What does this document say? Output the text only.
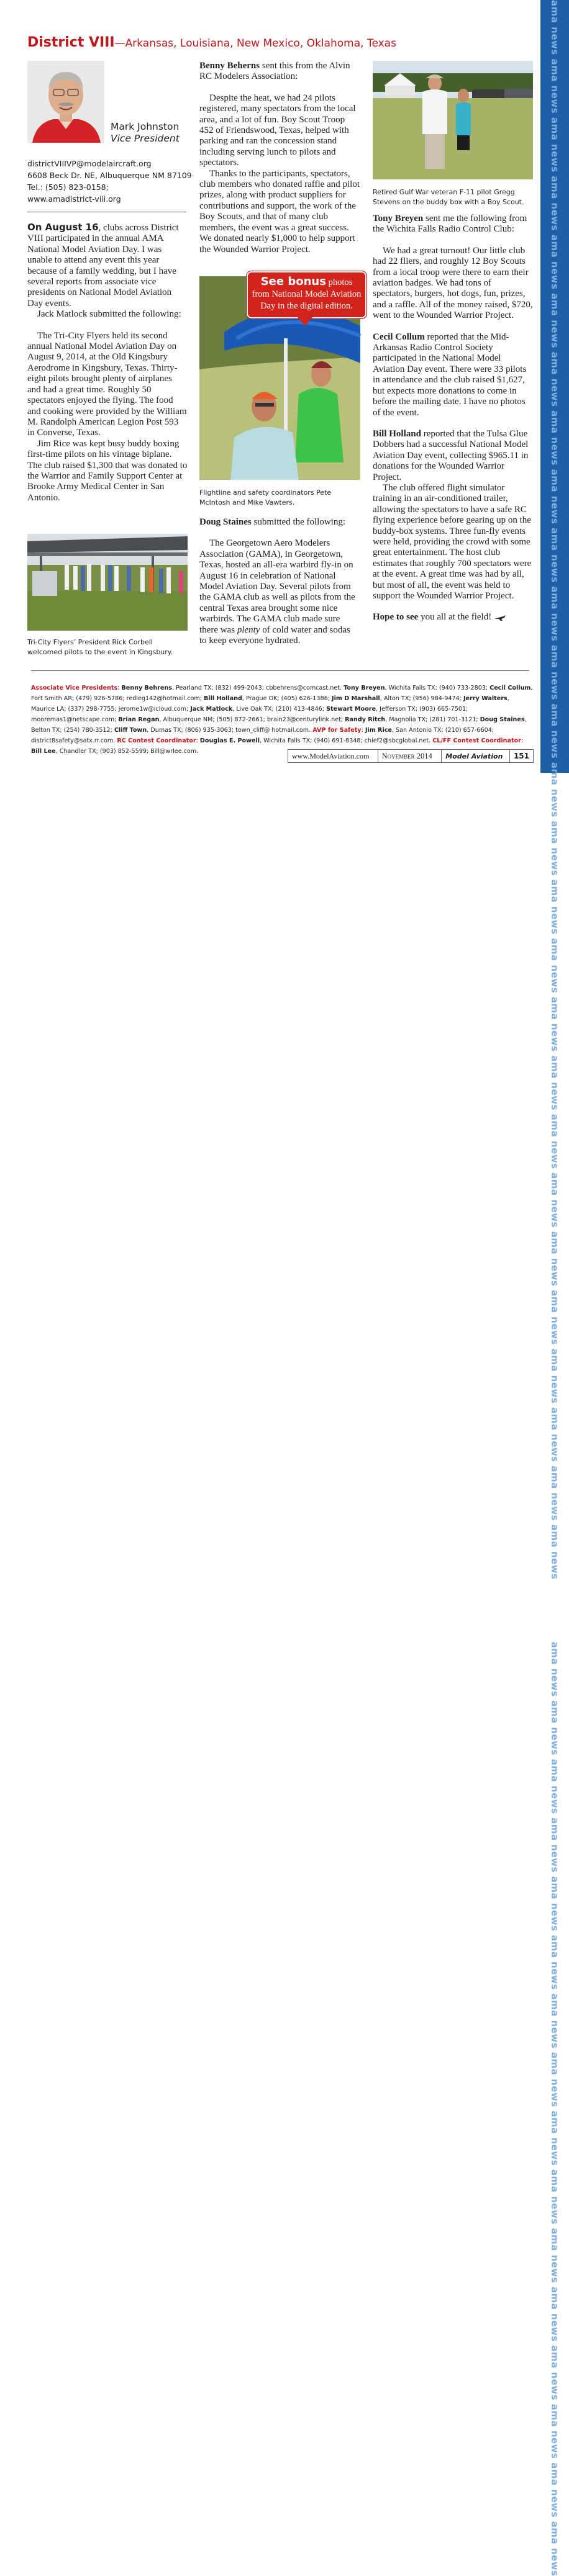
ama news ama news ama news ama news ama news ama news ama news ama news ama news ama news ama news ama news ama news ama news ama news ama news ama news ama news ama news ama news ama news ama news ama news ama news ama news ama news ama news

ama news

ama news ama news ama news ama news ama news ama news ama news ama news ama news ama news ama news ama news ama news ama news ama news ama news
District VIII—Arkansas, Louisiana, New Mexico, Oklahoma, Texas
Mark Johnston
Vice President
districtVIIIVP@modelaircraft.org
6608 Beck Dr. NE, Albuquerque NM 87109
Tel.: (505) 823-0158;
www.amadistrict-viii.org

On August 16, clubs across District VIII participated in the annual AMA National Model Aviation Day. I was unable to attend any event this year because of a family wedding, but I have several reports from associate vice presidents on National Model Aviation Day events.

Jack Matlock submitted the following:

The Tri-City Flyers held its second annual National Model Aviation Day on August 9, 2014, at the Old Kingsbury Aerodrome in Kingsbury, Texas. Thirty-eight pilots brought plenty of airplanes and had a great time. Roughly 50 spectators enjoyed the flying. The food and cooking were provided by the William M. Randolph American Legion Post 593 in Converse, Texas.

Jim Rice was kept busy buddy boxing first-time pilots on his vintage biplane. The club raised $1,300 that was donated to the Warrior and Family Support Center at Brooke Army Medical Center in San Antonio.

Tri-City Flyers’ President Rick Corbell welcomed pilots to the event in Kingsbury.

Benny Beherns sent this from the Alvin RC Modelers Association:

Despite the heat, we had 24 pilots registered, many spectators from the local area, and a lot of fun. Boy Scout Troop 452 of Friendswood, Texas, helped with parking and ran the concession stand including serving lunch to pilots and spectators.

Thanks to the participants, spectators, club members who donated raffle and pilot prizes, along with product suppliers for contributions and support, the work of the Boy Scouts, and that of many club members, the event was a great success. We donated nearly $1,000 to help support the Wounded Warrior Project.

See bonus photos from National Model Aviation Day in the digital edition.
Flightline and safety coordinators Pete McIntosh and Mike Vawters.

Doug Staines submitted the following:

The Georgetown Aero Modelers Association (GAMA), in Georgetown, Texas, hosted an all-era warbird fly-in on August 16 in celebration of National Model Aviation Day. Several pilots from the GAMA club as well as pilots from the central Texas area brought some nice warbirds. The GAMA club made sure there was plenty of cold water and sodas to keep everyone hydrated.

Retired Gulf War veteran F-11 pilot Gregg Stevens on the buddy box with a Boy Scout.

Tony Breyen sent me the following from the Wichita Falls Radio Control Club:

We had a great turnout! Our little club had 22 fliers, and roughly 12 Boy Scouts from a local troop were there to earn their aviation badges. We had tons of spectators, burgers, hot dogs, fun, prizes, and a raffle. All of the money raised, $720, went to the Wounded Warrior Project.

Cecil Collum reported that the Mid-Arkansas Radio Control Society participated in the National Model Aviation Day event. There were 33 pilots in attendance and the club raised $1,627, but expects more donations to come in before the mailing date. I have no photos of the event.

Bill Holland reported that the Tulsa Glue Dobbers had a successful National Model Aviation Day event, collecting $965.11 in donations for the Wounded Warrior Project.

The club offered flight simulator training in an air-conditioned trailer, allowing the spectators to have a safe RC flying experience before gearing up on the buddy-box systems. Three fun-fly events were held, providing the crowd with some great entertainment. The host club estimates that roughly 700 spectators were at the event. A great time was had by all, but most of all, the event was held to support the Wounded Warrior Project.

Hope to see you all at the field!

Associate Vice Presidents: Benny Behrens, Pearland TX; (832) 499-2043; cbbehrens@comcast.net. Tony Breyen, Wichita Falls TX; (940) 733-2803; Cecil Collum, Fort Smith AR; (479) 926-5786; redleg142@hotmail.com; Bill Holland, Prague OK; (405) 626-1386; Jim D Marshall, Alton TX; (956) 984-9474; Jerry Walters, Maurice LA; (337) 298-7755; jerome1w@icloud.com; Jack Matlock, Live Oak TX; (210) 413-4846; Stewart Moore, Jefferson TX; (903) 665-7501; mooremas1@netscape.com; Brian Regan, Albuquerque NM; (505) 872-2661; brain23@centurylink.net; Randy Ritch, Magnolia TX; (281) 701-3121; Doug Staines, Belton TX; (254) 780-3512; Cliff Town, Dumas TX; (806) 935-3063; town_cliff@ hotmail.com. AVP for Safety: Jim Rice, San Antonio TX; (210) 657-6604; district8safety@satx.rr.com. RC Contest Coordinator: Douglas E. Powell, Wichita Falls TX; (940) 691-8348; chief2@sbcglobal.net. CL/FF Contest Coordinator: Bill Lee, Chandler TX; (903) 852-5599; Bill@wrlee.com.	www.ModelAviation.com	November 2014	Model Aviation	151
